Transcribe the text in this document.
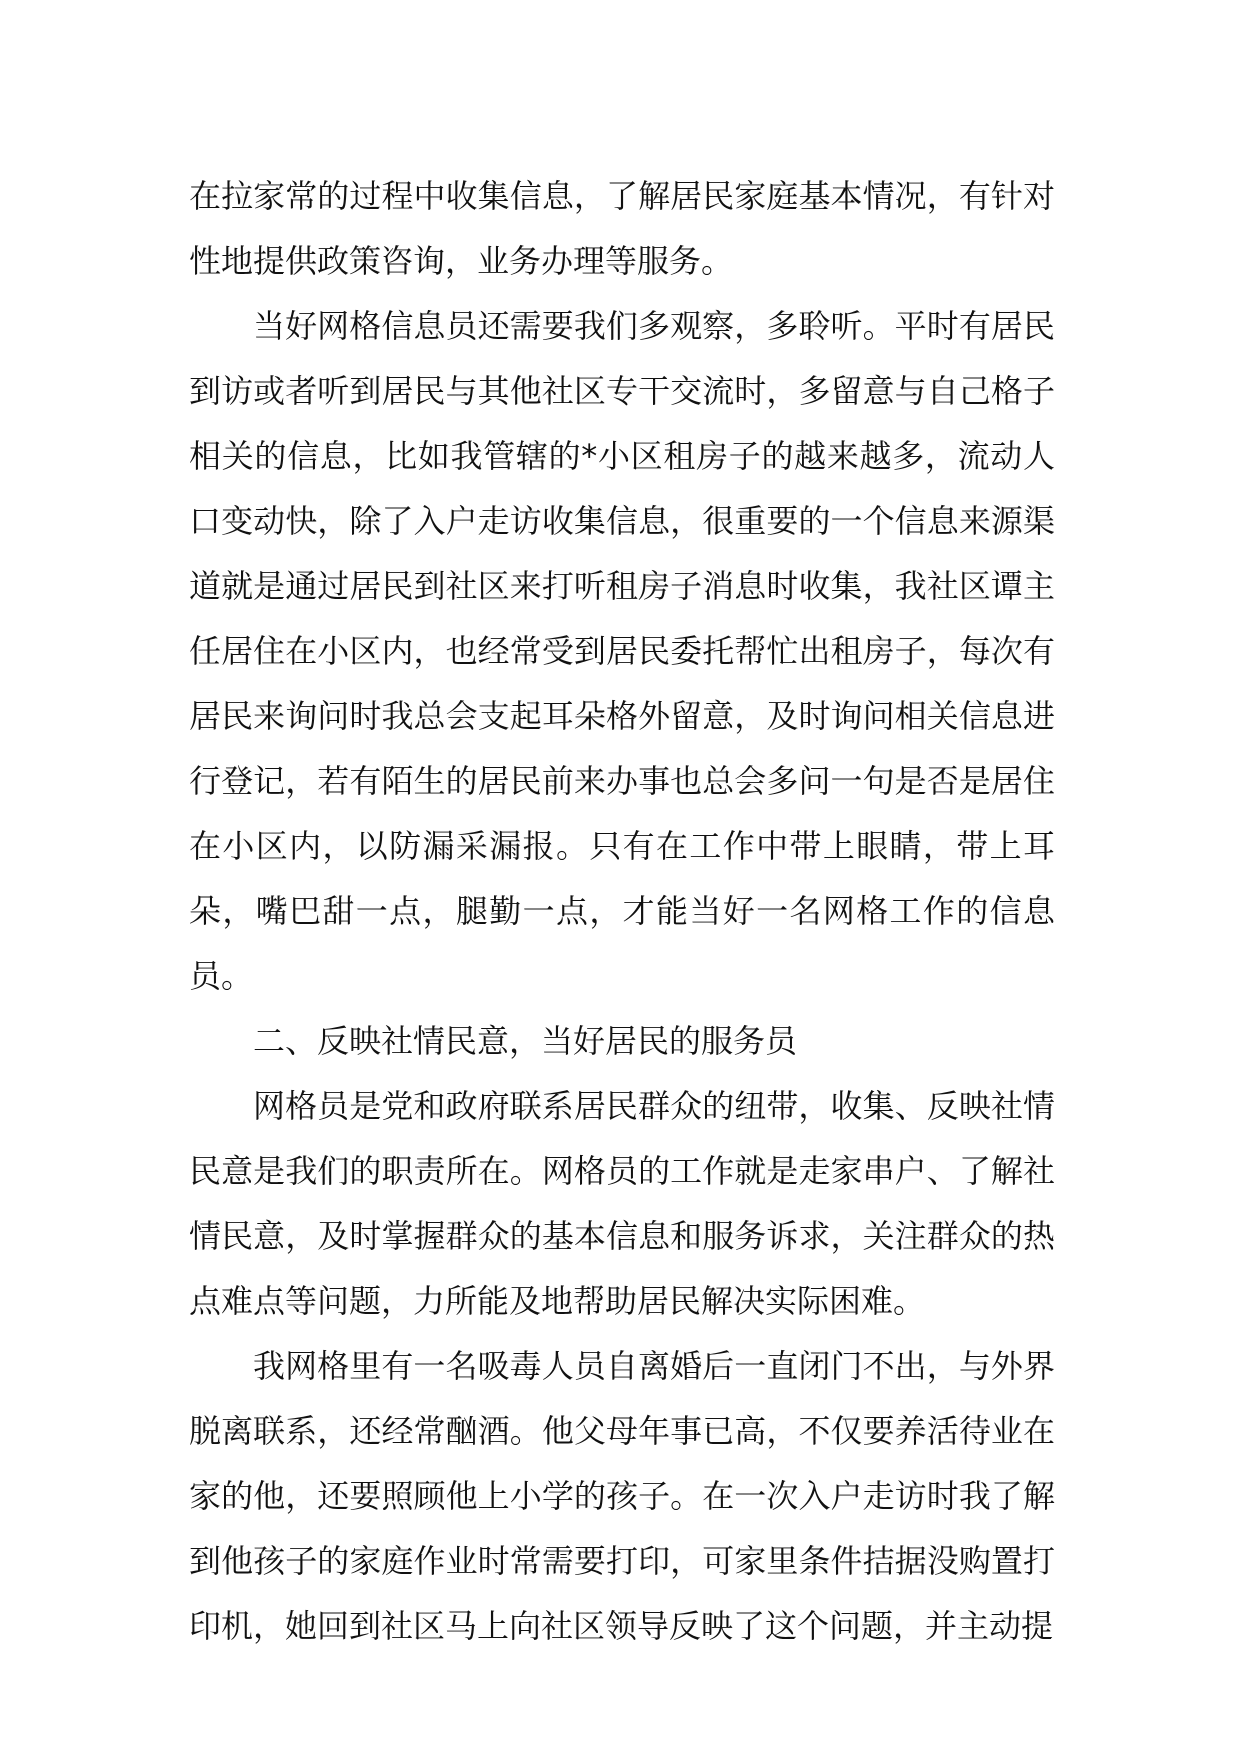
在拉家常的过程中收集信息，了解居民家庭基本情况，有针对性地提供政策咨询，业务办理等服务。

当好网格信息员还需要我们多观察，多聆听。平时有居民到访或者听到居民与其他社区专干交流时，多留意与自己格子相关的信息，比如我管辖的*小区租房子的越来越多，流动人口变动快，除了入户走访收集信息，很重要的一个信息来源渠道就是通过居民到社区来打听租房子消息时收集，我社区谭主任居住在小区内，也经常受到居民委托帮忙出租房子，每次有居民来询问时我总会支起耳朵格外留意，及时询问相关信息进行登记，若有陌生的居民前来办事也总会多问一句是否是居住在小区内，以防漏采漏报。只有在工作中带上眼睛，带上耳朵，嘴巴甜一点，腿勤一点，才能当好一名网格工作的信息员。

二、反映社情民意，当好居民的服务员

网格员是党和政府联系居民群众的纽带，收集、反映社情民意是我们的职责所在。网格员的工作就是走家串户、了解社情民意，及时掌握群众的基本信息和服务诉求，关注群众的热点难点等问题，力所能及地帮助居民解决实际困难。

我网格里有一名吸毒人员自离婚后一直闭门不出，与外界脱离联系，还经常酗酒。他父母年事已高，不仅要养活待业在家的他，还要照顾他上小学的孩子。在一次入户走访时我了解到他孩子的家庭作业时常需要打印，可家里条件拮据没购置打印机，她回到社区马上向社区领导反映了这个问题，并主动提
